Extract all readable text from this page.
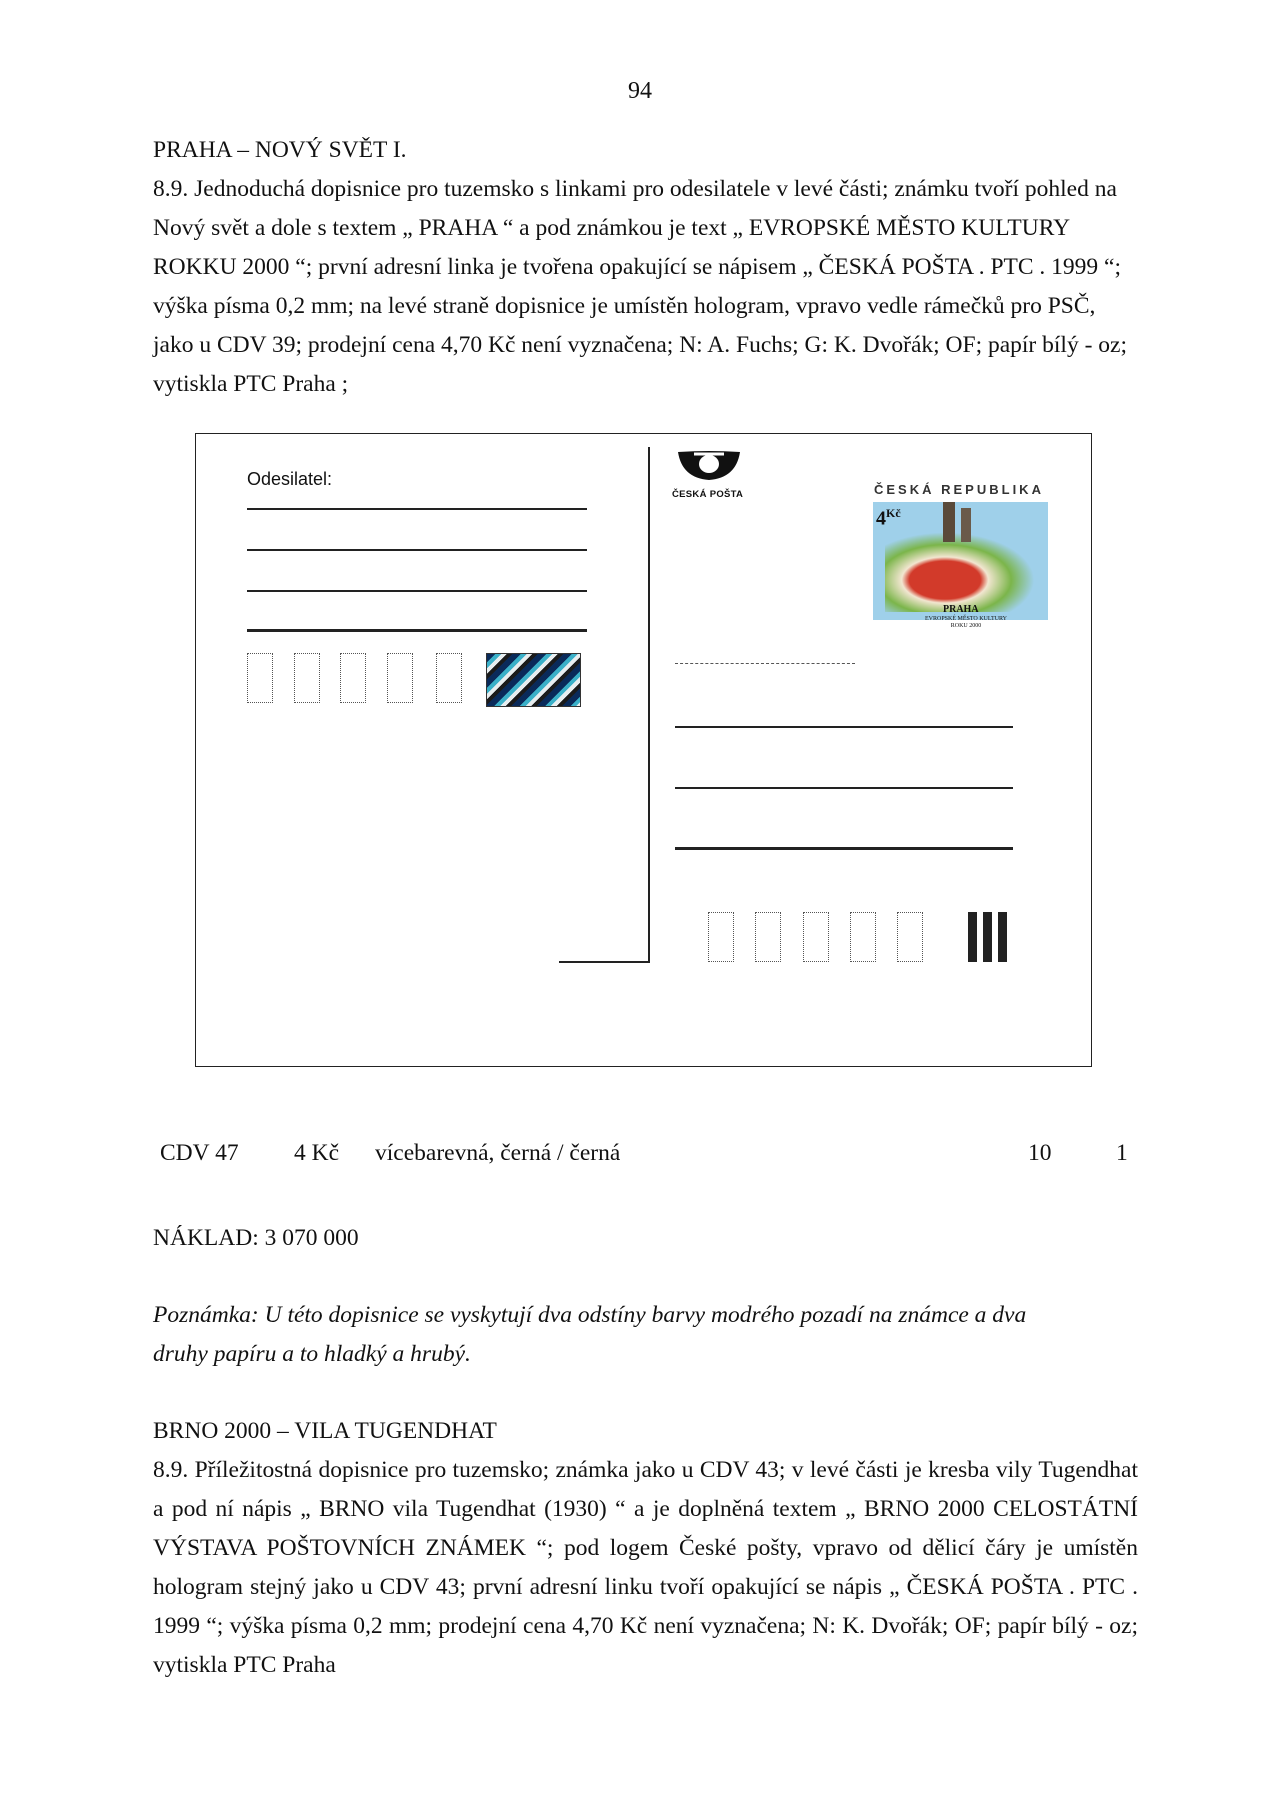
94

PRAHA – NOVÝ SVĚT I.

8.9. Jednoduchá dopisnice pro tuzemsko s linkami pro odesilatele v levé části; známku tvoří pohled na Nový svět a dole s textem „ PRAHA “ a pod známkou je text „ EVROPSKÉ MĚSTO KULTURY ROKKU 2000 “; první adresní linka je tvořena opakující se nápisem „ ČESKÁ POŠTA . PTC . 1999 “; výška písma 0,2 mm; na levé straně dopisnice je umístěn hologram, vpravo vedle rámečků pro PSČ, jako u CDV 39; prodejní cena 4,70 Kč není vyznačena; N: A. Fuchs; G: K. Dvořák; OF; papír bílý - oz; vytiskla PTC Praha ;

Odesilatel:
ČESKÁ POŠTA	ČESKÁ REPUBLIKA
$4^{Kč}$
PRAHA
EVROPSKÉ MĚSTO KULTURY
ROKU 2000
CDV 47 4 Kč vícebarevná, černá / černá	10	1

NÁKLAD: 3 070 000

Poznámka: U této dopisnice se vyskytují dva odstíny barvy modrého pozadí na známce a dva

druhy papíru a to hladký a hrubý.

BRNO 2000 – VILA TUGENDHAT

8.9. Příležitostná dopisnice pro tuzemsko; známka jako u CDV 43; v levé části je kresba vily Tugendhat a pod ní nápis „ BRNO vila Tugendhat (1930) “ a je doplněná textem „ BRNO 2000 CELOSTÁTNÍ VÝSTAVA POŠTOVNÍCH ZNÁMEK “; pod logem České pošty, vpravo od dělicí čáry je umístěn hologram stejný jako u CDV 43; první adresní linku tvoří opakující se nápis „ ČESKÁ POŠTA . PTC . 1999 “; výška písma 0,2 mm; prodejní cena 4,70 Kč není vyznačena; N: K. Dvořák; OF; papír bílý - oz; vytiskla PTC Praha
